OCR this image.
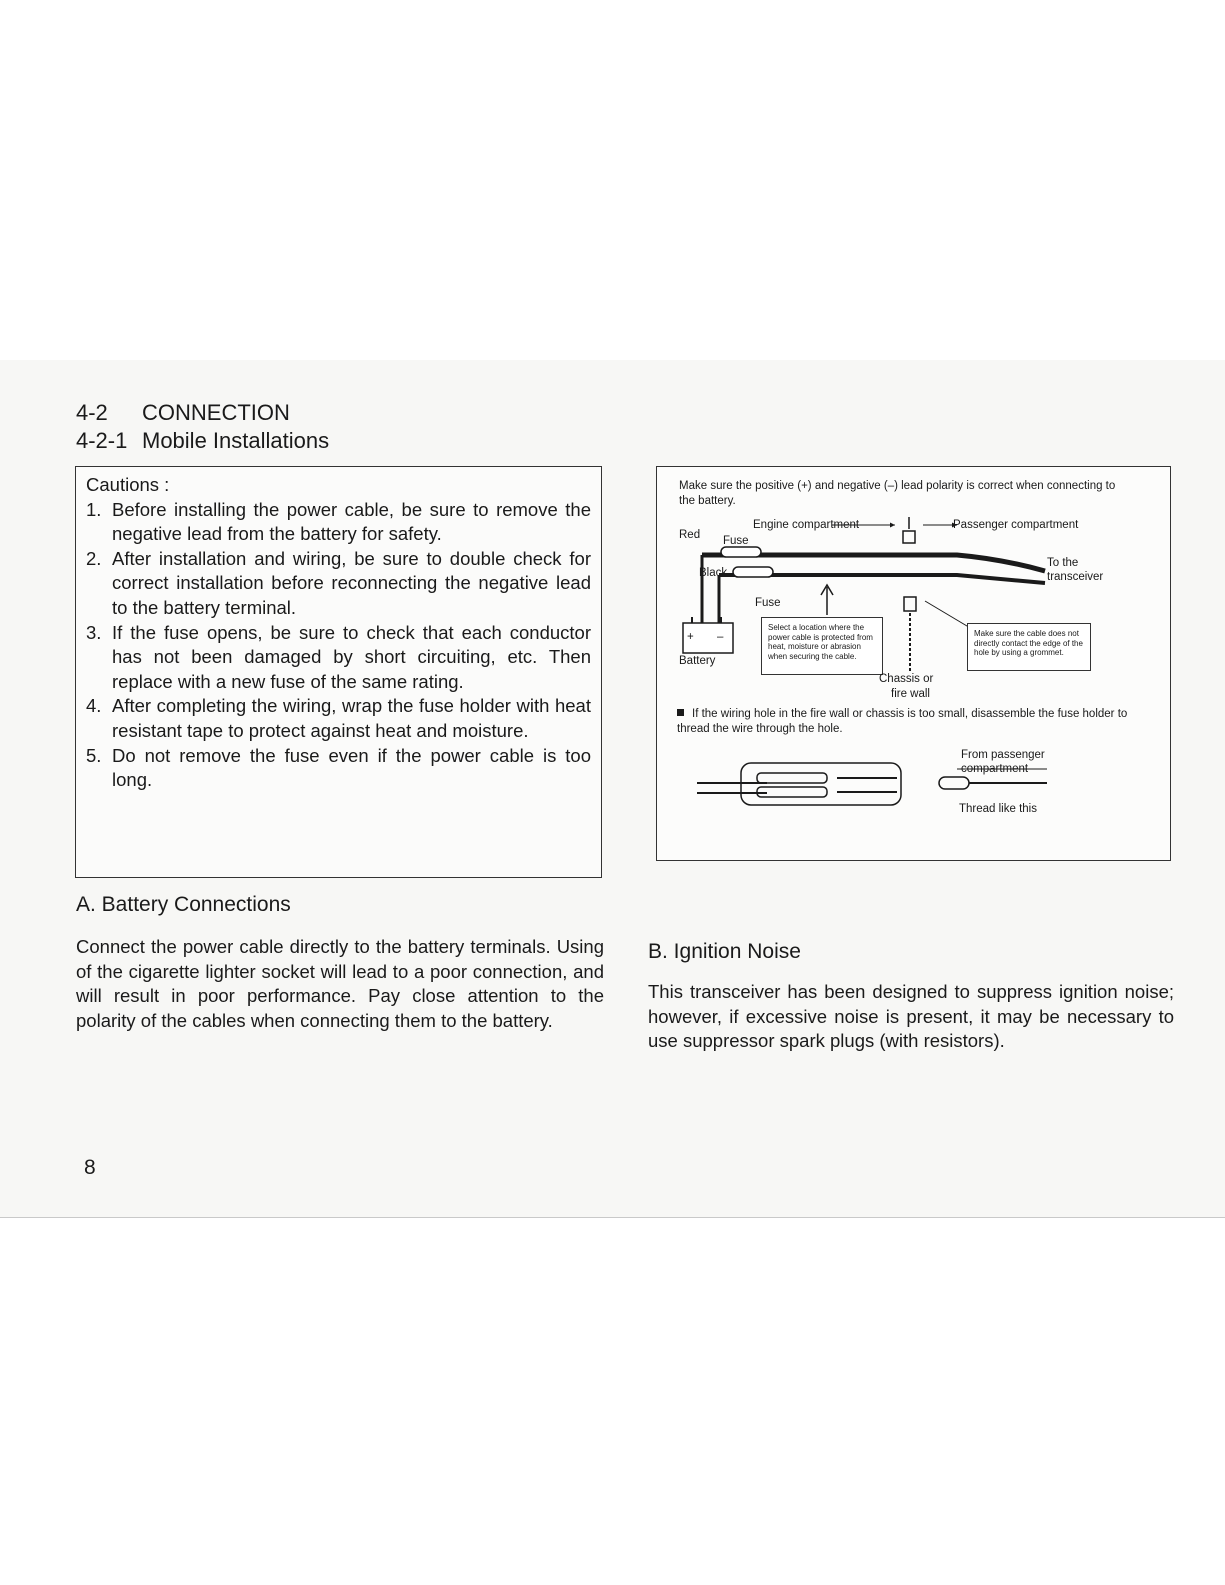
4-2 CONNECTION
4-2-1 Mobile Installations

Cautions :

1. Before installing the power cable, be sure to remove the negative lead from the battery for safety.
2. After installation and wiring, be sure to double check for correct installation before reconnecting the negative lead to the battery terminal.
3. If the fuse opens, be sure to check that each conductor has not been damaged by short circuiting, etc. Then replace with a new fuse of the same rating.
4. After completing the wiring, wrap the fuse holder with heat resistant tape to protect against heat and moisture.
5. Do not remove the fuse even if the power cable is too long.
A. Battery Connections

Connect the power cable directly to the battery terminals. Using of the cigarette lighter socket will lead to a poor connection, and will result in poor performance. Pay close attention to the polarity of the cables when connecting them to the battery.

B. Ignition Noise

This transceiver has been designed to suppress ignition noise; however, if excessive noise is present, it may be necessary to use suppressor spark plugs (with resistors).

8

Make sure the positive (+) and negative (–) lead polarity is correct when connecting to the battery.

Engine compartment	Passenger compartment
Red Fuse
Black
Fuse
To the
transceiver
+ –
Battery
Select a location where the power cable is protected from heat, moisture or abrasion when securing the cable.
Make sure the cable does not directly contact the edge of the hole by using a grommet.
Chassis or
fire wall

If the wiring hole in the fire wall or chassis is too small, disassemble the fuse holder to thread the wire through the hole.

From passenger
compartment
Thread like this
